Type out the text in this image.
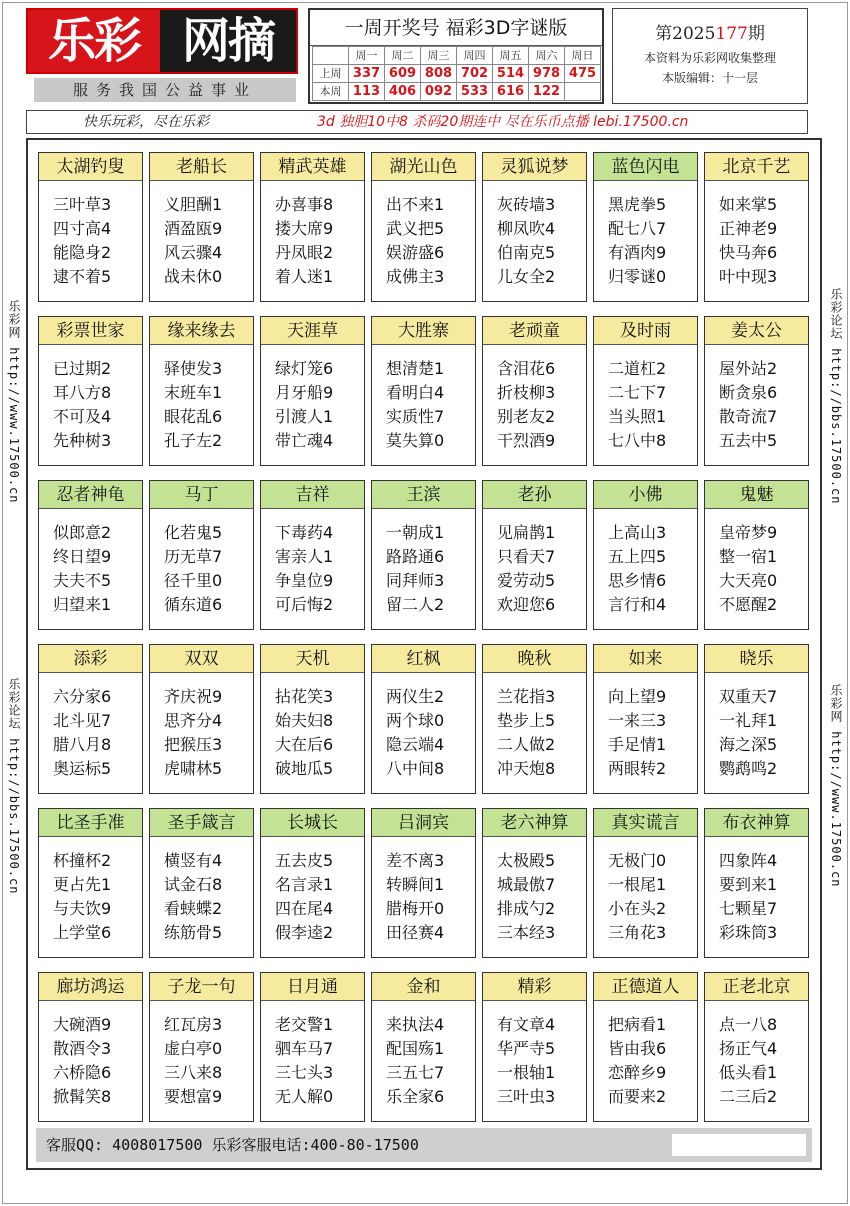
乐彩 网摘
服务我国公益事业
一周开奖号 福彩3D字谜版
	周一	周二	周三	周四	周五	周六	周日
上周	337	609	808	702	514	978	475
本周	113	406	092	533	616	122	
第2025177期
本资料为乐彩网收集整理
本版编辑：十一层
快乐玩彩，尽在乐彩	3d 独胆10中8 杀码20期连中 尽在乐币点播 lebi.17500.cn
乐彩网 http://www.17500.cn
乐彩论坛 http://bbs.17500.cn
乐彩论坛 http://bbs.17500.cn
乐彩网 http://www.17500.cn
太湖钓叟
三叶草3
四寸高4
能隐身2
逮不着5
老船长
义胆酬1
酒盈瓯9
风云骤4
战未休0
精武英雄
办喜事8
搂大席9
丹凤眼2
着人迷1
湖光山色
出不来1
武义把5
娱游盛6
成佛主3
灵狐说梦
灰砖墙3
柳凤吹4
伯南克5
儿女全2
蓝色闪电
黑虎拳5
配七八7
有酒肉9
归零谜0
北京千艺
如来掌5
正神老9
快马奔6
叶中现3
彩票世家
已过期2
耳八方8
不可及4
先种树3
缘来缘去
驿使发3
末班车1
眼花乱6
孔子左2
天涯草
绿灯笼6
月牙船9
引渡人1
带亡魂4
大胜寨
想清楚1
看明白4
实质性7
莫失算0
老顽童
含泪花6
折枝柳3
别老友2
干烈酒9
及时雨
二道杠2
二七下7
当头照1
七八中8
姜太公
屋外站2
断贪泉6
散奇流7
五去中5
忍者神龟
似郎意2
终日望9
夫夫不5
归望来1
马丁
化若鬼5
历无草7
径千里0
循东道6
吉祥
下毒药4
害亲人1
争皇位9
可后悔2
王滨
一朝成1
路路通6
同拜师3
留二人2
老孙
见扁鹊1
只看天7
爱劳动5
欢迎您6
小佛
上高山3
五上四5
思乡情6
言行和4
鬼魅
皇帝梦9
整一宿1
大天亮0
不愿醒2
添彩
六分家6
北斗见7
腊八月8
奥运标5
双双
齐庆祝9
思齐分4
把猴压3
虎啸林5
天机
拈花笑3
始夫妇8
大在后6
破地瓜5
红枫
两仪生2
两个球0
隐云端4
八中间8
晚秋
兰花指3
垫步上5
二人做2
冲天炮8
如来
向上望9
一来三3
手足情1
两眼转2
晓乐
双重天7
一礼拜1
海之深5
鹦鹉鸣2
比圣手准
杯撞杯2
更占先1
与夫饮9
上学堂6
圣手箴言
横竖有4
试金石8
看蛱蝶2
练筋骨5
长城长
五去皮5
名言录1
四在尾4
假李逵2
吕洞宾
差不离3
转瞬间1
腊梅开0
田径赛4
老六神算
太极殿5
城最傲7
排成勺2
三本经3
真实谎言
无极门0
一根尾1
小在头2
三角花3
布衣神算
四象阵4
要到来1
七颗星7
彩珠筒3
廊坊鸿运
大碗酒9
散酒令3
六桥隐6
掀髯笑8
子龙一句
红瓦房3
虚白亭0
三八来8
要想富9
日月通
老交警1
驷车马7
三七头3
无人解0
金和
来执法4
配国殇1
三五七7
乐全家6
精彩
有文章4
华严寺5
一根轴1
三叶虫3
正德道人
把病看1
皆由我6
恋醉乡9
而要来2
正老北京
点一八8
扬正气4
低头看1
二三后2
客服QQ: 4008017500 乐彩客服电话:400-80-17500
